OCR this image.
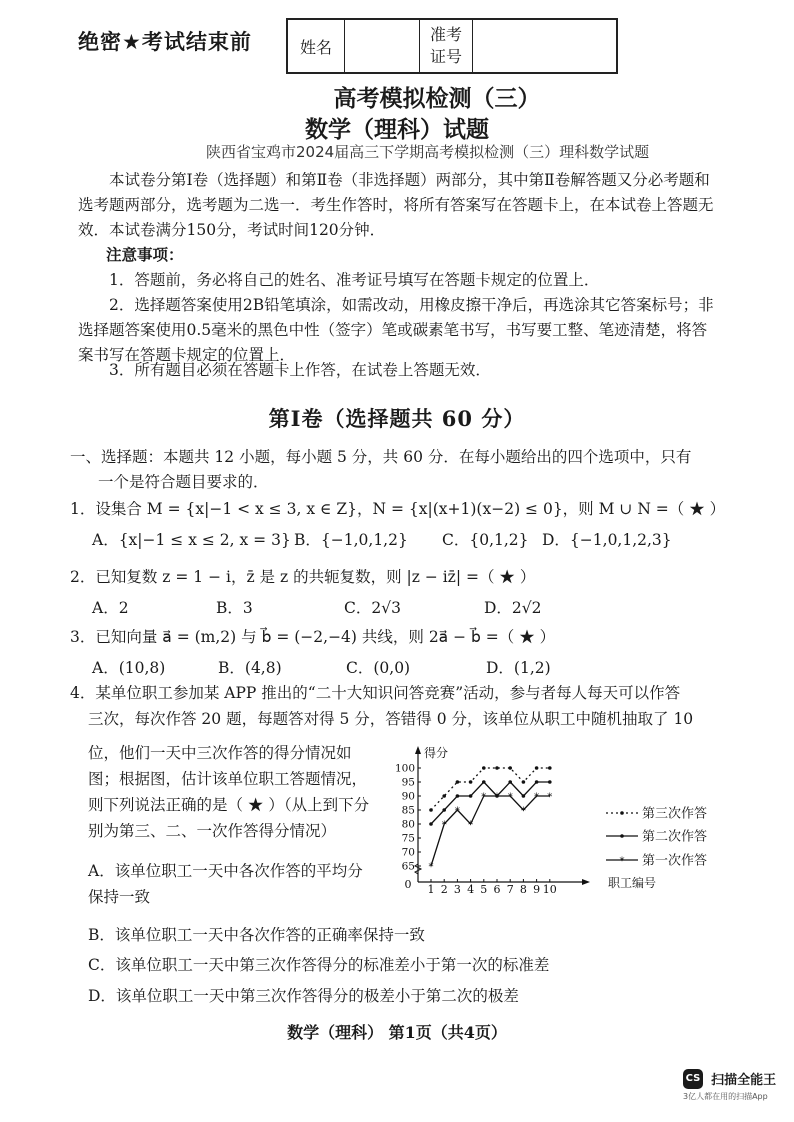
绝密★考试结束前	姓名
准考
证号
高考模拟检测（三）
数学（理科）试题
陕西省宝鸡市2024届高三下学期高考模拟检测（三）理科数学试题
本试卷分第Ⅰ卷（选择题）和第Ⅱ卷（非选择题）两部分，其中第Ⅱ卷解答题又分必考题和选考题两部分，选考题为二选一．考生作答时，将所有答案写在答题卡上，在本试卷上答题无效．本试卷满分150分，考试时间120分钟．
注意事项：
1．答题前，务必将自己的姓名、准考证号填写在答题卡规定的位置上．
2．选择题答案使用2B铅笔填涂，如需改动，用橡皮擦干净后，再选涂其它答案标号；非选择题答案使用0.5毫米的黑色中性（签字）笔或碳素笔书写，书写要工整、笔迹清楚，将答案书写在答题卡规定的位置上．
3．所有题目必须在答题卡上作答，在试卷上答题无效．
第Ⅰ卷（选择题共 60 分）
一、选择题：本题共 12 小题，每小题 5 分，共 60 分．在每小题给出的四个选项中，只有
一个是符合题目要求的．
1．设集合 M = {x|−1 < x ≤ 3, x ∈ Z}，N = {x|(x+1)(x−2) ≤ 0}，则 M ∪ N =（ ★ ）
A．{x|−1 ≤ x ≤ 2, x = 3} B．{−1,0,1,2}	C．{0,1,2} D．{−1,0,1,2,3}
2．已知复数 z = 1 − i，z̄ 是 z 的共轭复数，则 |z − iz̄| =（ ★ ）
A．2	B．3	C．2√3	D．2√2
3．已知向量 a⃗ = (m,2) 与 b⃗ = (−2,−4) 共线，则 2a⃗ − b⃗ =（ ★ ）
A．(10,8)	B．(4,8)	C．(0,0)	D．(1,2)
4．某单位职工参加某 APP 推出的“二十大知识问答竞赛”活动，参与者每人每天可以作答
三次，每次作答 20 题，每题答对得 5 分，答错得 0 分，该单位从职工中随机抽取了 10
位，他们一天中三次作答的得分情况如图；根据图，估计该单位职工答题情况，则下列说法正确的是（ ★ ）（从上到下分别为第三、二、一次作答得分情况）
A．该单位职工一天中各次作答的平均分保持一致
B．该单位职工一天中各次作答的正确率保持一致
C．该单位职工一天中第三次作答得分的标准差小于第一次的标准差
D．该单位职工一天中第三次作答得分的极差小于第二次的极差
得分
0
65
70
75
80
85
90
95
100
1 2 3 4 5 6 7 8 9 10	职工编号
第三次作答
第二次作答
*
*
*
*
* * *
*
* *
* 第一次作答
数学（理科） 第1页（共4页）
CS 扫描全能王
3亿人都在用的扫描App
